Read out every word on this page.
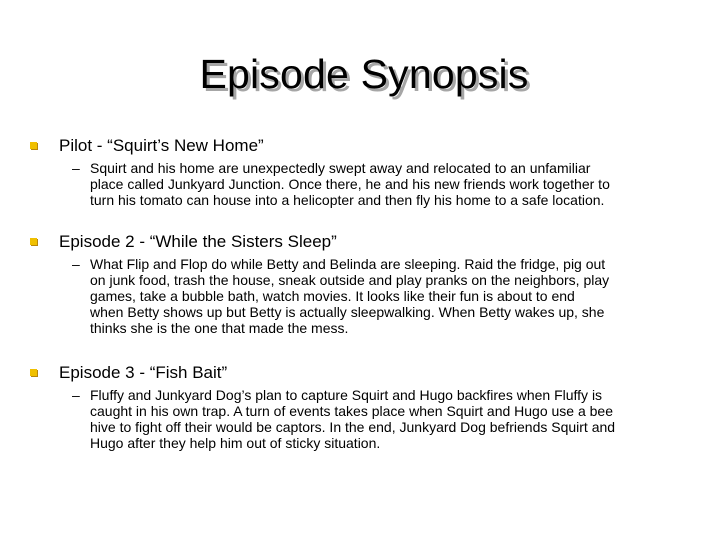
Episode Synopsis
Pilot - “Squirt’s New Home”
– Squirt and his home are unexpectedly swept away and relocated to an unfamiliar
place called Junkyard Junction. Once there, he and his new friends work together to
turn his tomato can house into a helicopter and then fly his home to a safe location.
Episode 2 - “While the Sisters Sleep”
– What Flip and Flop do while Betty and Belinda are sleeping. Raid the fridge, pig out
on junk food, trash the house, sneak outside and play pranks on the neighbors, play
games, take a bubble bath, watch movies. It looks like their fun is about to end
when Betty shows up but Betty is actually sleepwalking. When Betty wakes up, she
thinks she is the one that made the mess.
Episode 3 - “Fish Bait”
– Fluffy and Junkyard Dog’s plan to capture Squirt and Hugo backfires when Fluffy is
caught in his own trap. A turn of events takes place when Squirt and Hugo use a bee
hive to fight off their would be captors. In the end, Junkyard Dog befriends Squirt and
Hugo after they help him out of sticky situation.
